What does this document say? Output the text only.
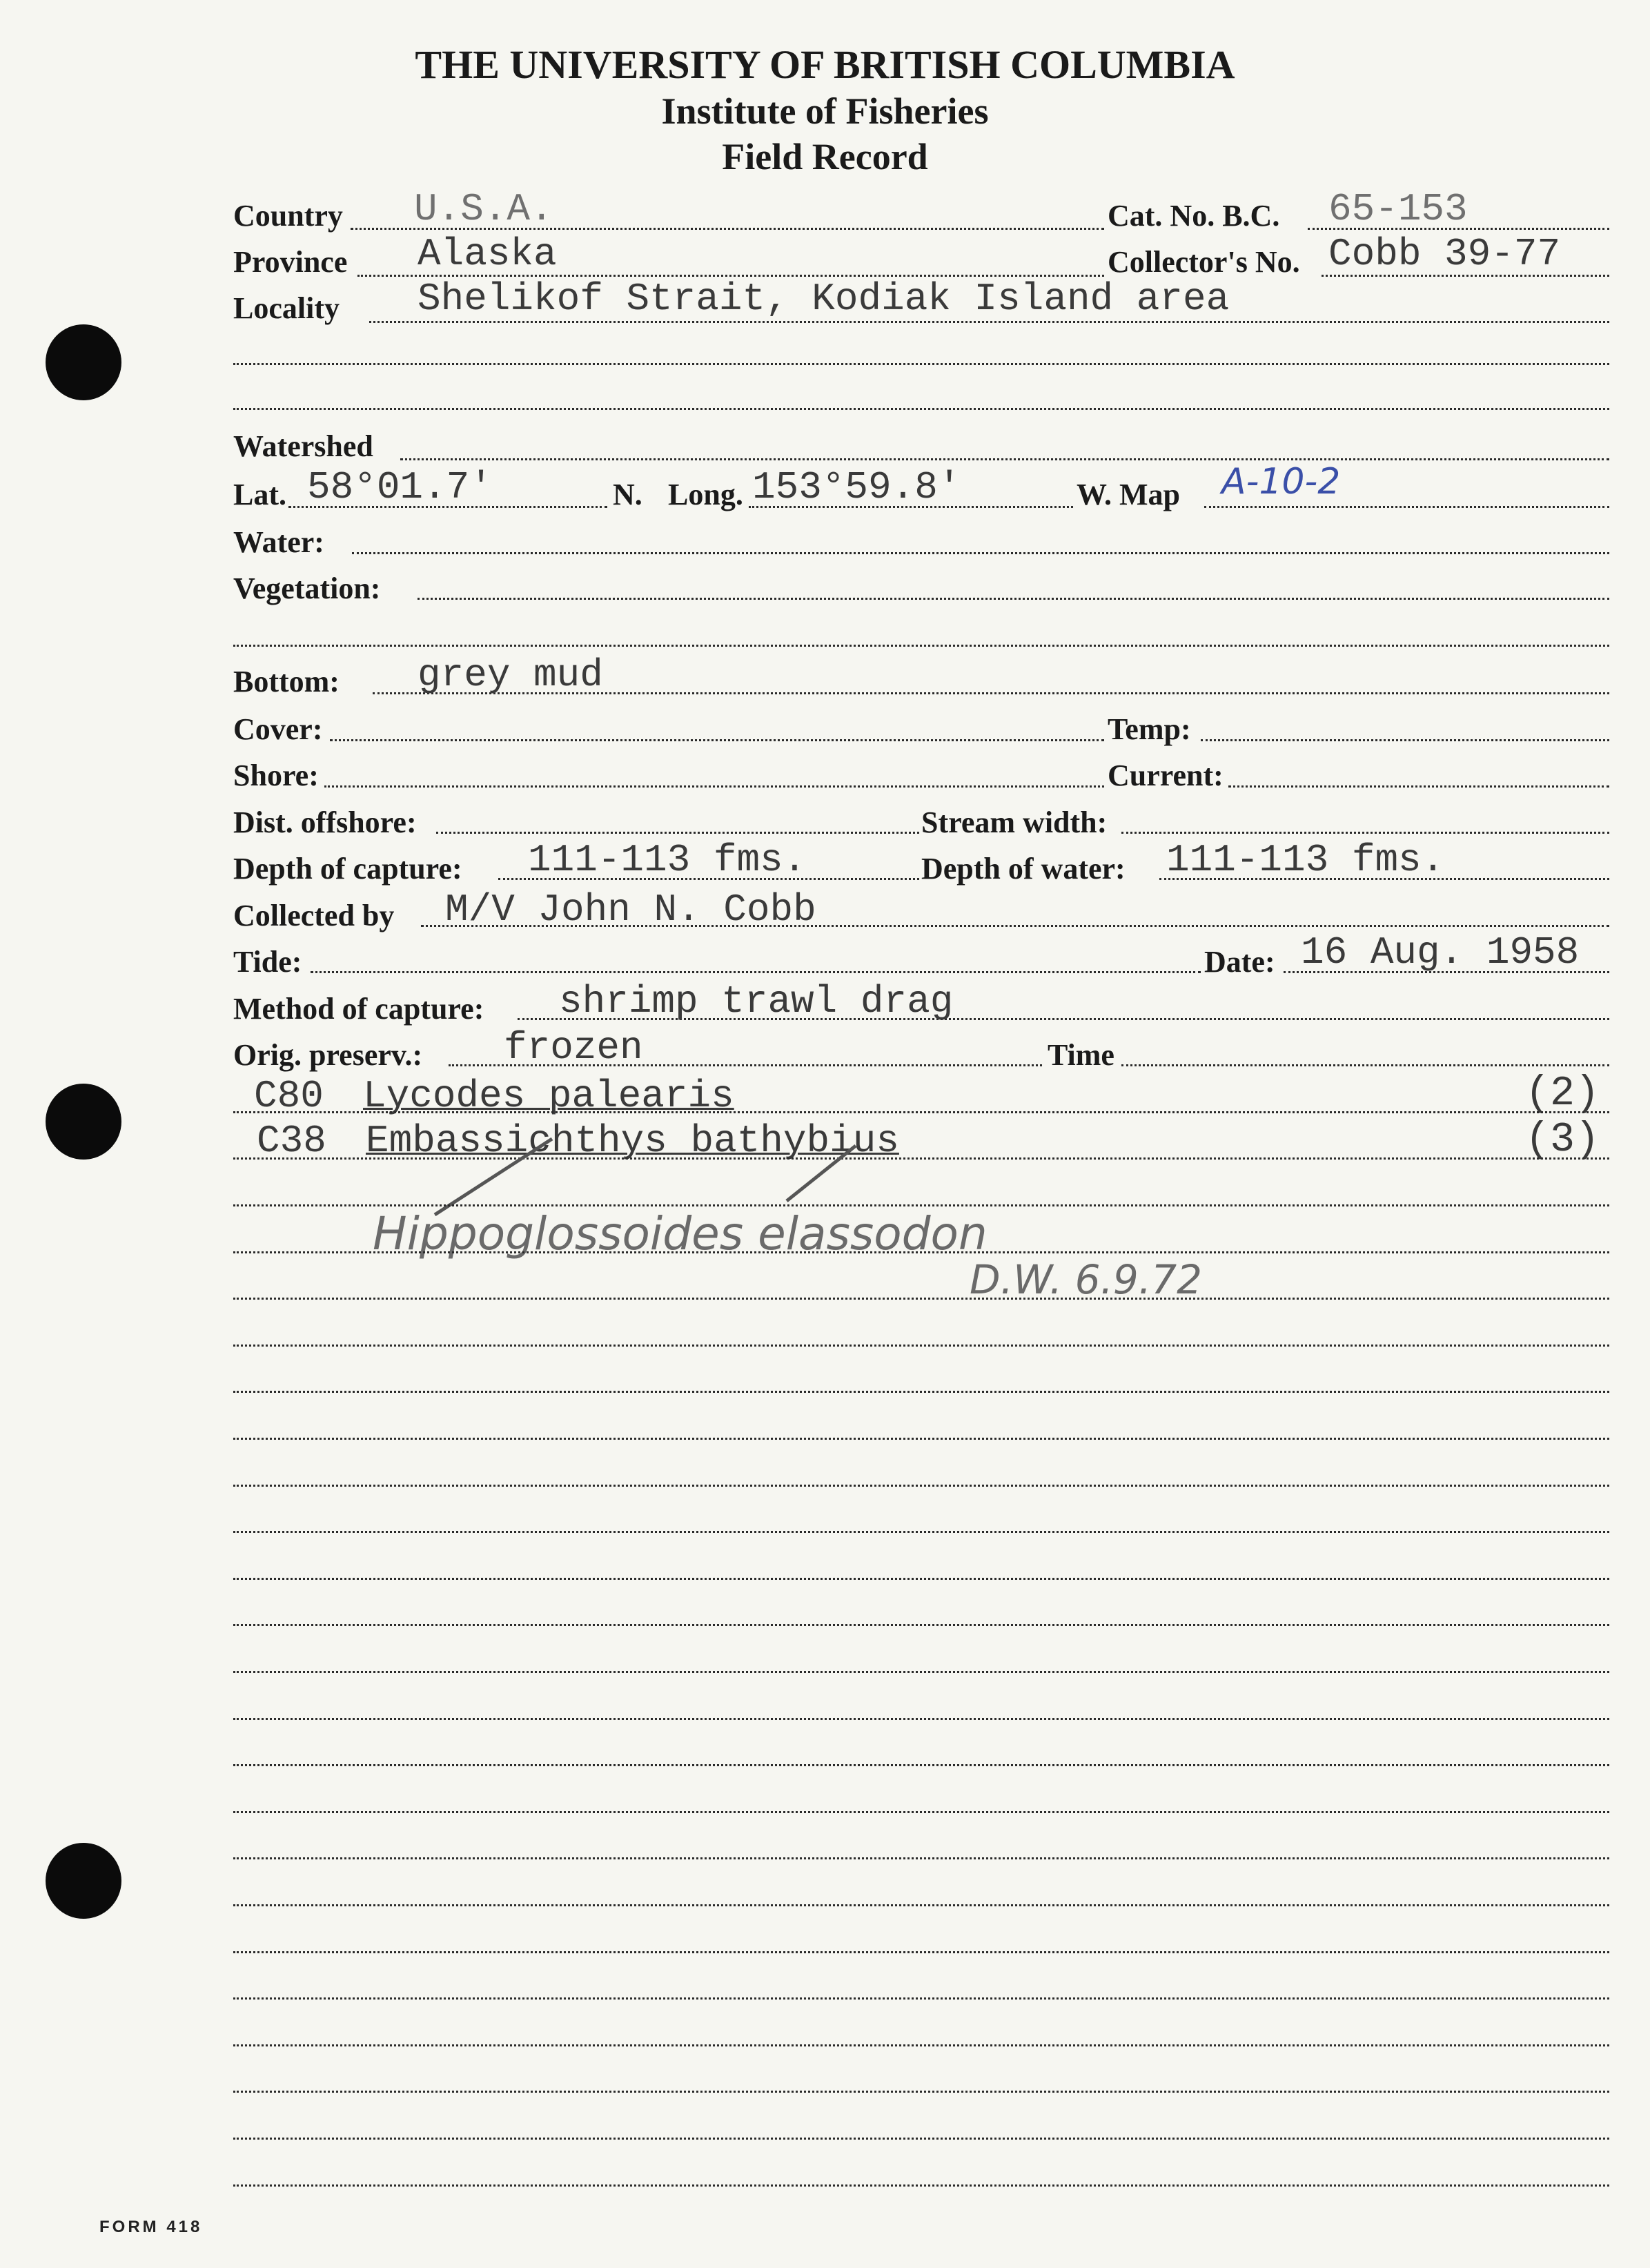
THE UNIVERSITY OF BRITISH COLUMBIA
Institute of Fisheries
Field Record
Country U.S.A.	Cat. No. B.C. 65-153
Province Alaska	Collector's No. Cobb 39-77
Locality Shelikof Strait, Kodiak Island area
Watershed
Lat. 58°01.7'	N. Long. 153°59.8'	W. Map A-10-2
Water:
Vegetation:
Bottom: grey mud
Cover:	Temp:
Shore:	Current:
Dist. offshore:	Stream width:
Depth of capture: 111-113 fms.	Depth of water: 111-113 fms.
Collected by M/V John N. Cobb
Tide:	Date: 16 Aug. 1958
Method of capture: shrimp trawl drag
Orig. preserv.: frozen	Time
C80 Lycodes palearis	(2)
C38 Embassichthys bathybius	(3)
Hippoglossoides elassodon
D.W. 6.9.72
FORM 418
